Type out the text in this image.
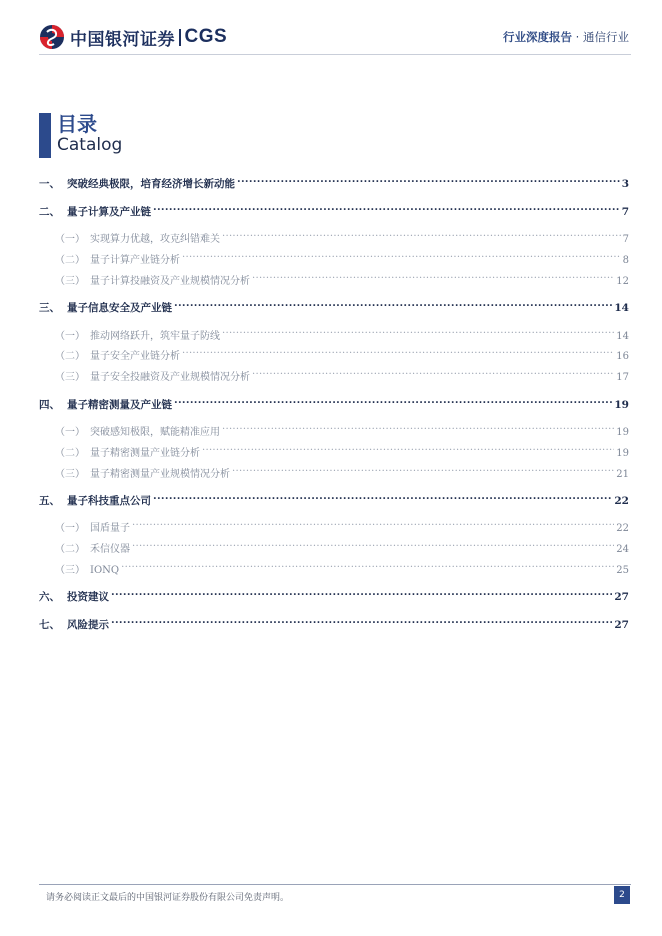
中国银河证券 CGS	行业深度报告 · 通信行业
目录
Catalog
一、 突破经典极限，培育经济增长新动能 .....	3
二、 量子计算及产业链 .....	7
（一） 实现算力优越，攻克纠错难关 .....	7
（二） 量子计算产业链分析 .....	8
（三） 量子计算投融资及产业规模情况分析 .....	12
三、 量子信息安全及产业链 .....	14
（一） 推动网络跃升，筑牢量子防线 .....	14
（二） 量子安全产业链分析 .....	16
（三） 量子安全投融资及产业规模情况分析 .....	17
四、 量子精密测量及产业链 .....	19
（一） 突破感知极限，赋能精准应用 .....	19
（二） 量子精密测量产业链分析 .....	19
（三） 量子精密测量产业规模情况分析 .....	21
五、 量子科技重点公司 .....	22
（一） 国盾量子 .....	22
（二） 禾信仪器 .....	24
（三） IONQ .....	25
六、 投资建议 .....	27
七、 风险提示 .....	27
请务必阅读正文最后的中国银河证券股份有限公司免责声明。	2
